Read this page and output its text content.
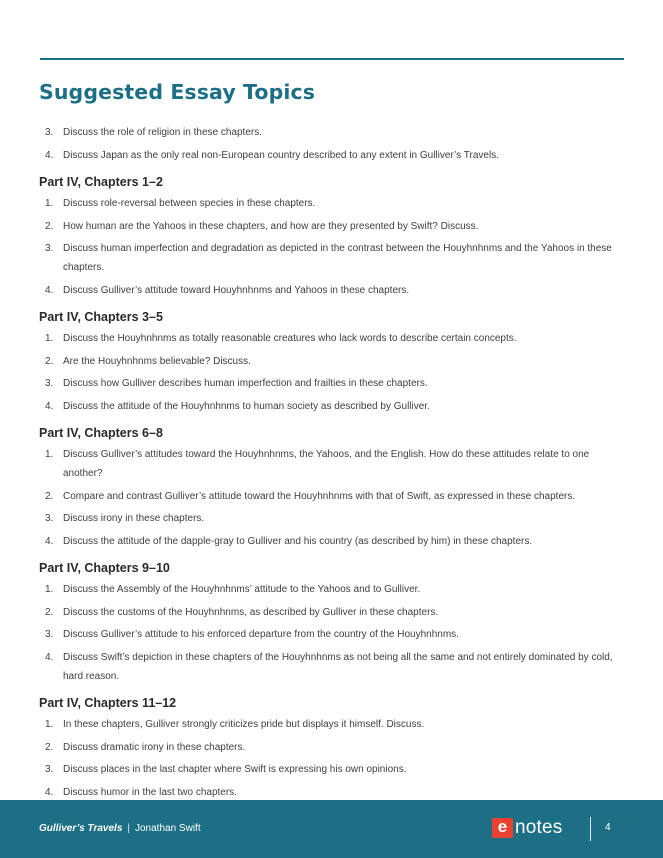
Suggested Essay Topics
3. Discuss the role of religion in these chapters.
4. Discuss Japan as the only real non-European country described to any extent in Gulliver’s Travels.
Part IV, Chapters 1–2
1. Discuss role-reversal between species in these chapters.
2. How human are the Yahoos in these chapters, and how are they presented by Swift? Discuss.
3. Discuss human imperfection and degradation as depicted in the contrast between the Houyhnhnms and the Yahoos in these chapters.
4. Discuss Gulliver’s attitude toward Houyhnhnms and Yahoos in these chapters.
Part IV, Chapters 3–5
1. Discuss the Houyhnhnms as totally reasonable creatures who lack words to describe certain concepts.
2. Are the Houyhnhnms believable? Discuss.
3. Discuss how Gulliver describes human imperfection and frailties in these chapters.
4. Discuss the attitude of the Houyhnhnms to human society as described by Gulliver.
Part IV, Chapters 6–8
1. Discuss Gulliver’s attitudes toward the Houyhnhnms, the Yahoos, and the English. How do these attitudes relate to one another?
2. Compare and contrast Gulliver’s attitude toward the Houyhnhnms with that of Swift, as expressed in these chapters.
3. Discuss irony in these chapters.
4. Discuss the attitude of the dapple-gray to Gulliver and his country (as described by him) in these chapters.
Part IV, Chapters 9–10
1. Discuss the Assembly of the Houyhnhnms’ attitude to the Yahoos and to Gulliver.
2. Discuss the customs of the Houyhnhnms, as described by Gulliver in these chapters.
3. Discuss Gulliver’s attitude to his enforced departure from the country of the Houyhnhnms.
4. Discuss Swift’s depiction in these chapters of the Houyhnhnms as not being all the same and not entirely dominated by cold, hard reason.
Part IV, Chapters 11–12
1. In these chapters, Gulliver strongly criticizes pride but displays it himself. Discuss.
2. Discuss dramatic irony in these chapters.
3. Discuss places in the last chapter where Swift is expressing his own opinions.
4. Discuss humor in the last two chapters.
Gulliver’s Travels | Jonathan Swift	e notes	4
